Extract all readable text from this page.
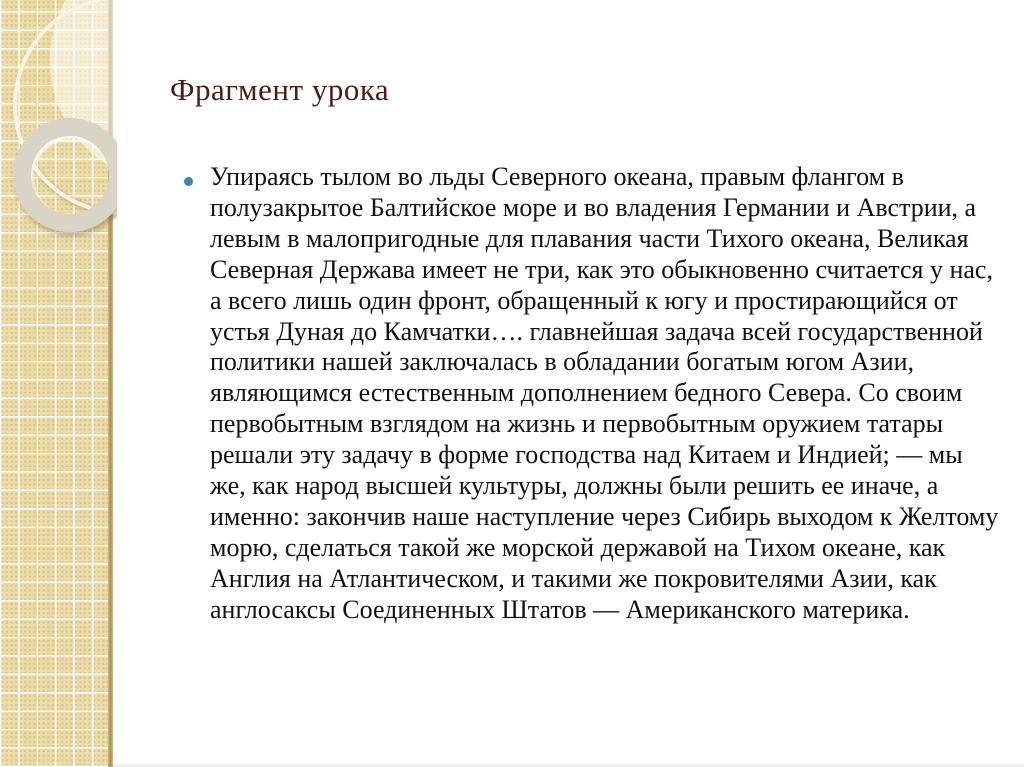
Фрагмент урока
Упираясь тылом во льды Северного океана, правым флангом в полузакрытое Балтийское море и во владения Германии и Австрии, а левым в малопригодные для плавания части Тихого океана, Великая Северная Держава имеет не три, как это обыкновенно считается у нас, а всего лишь один фронт, обращенный к югу и простирающийся от устья Дуная до Камчатки…. главнейшая задача всей государственной политики нашей заключалась в обладании богатым югом Азии, являющимся естественным дополнением бедного Севера. Со своим первобытным взглядом на жизнь и первобытным оружием татары решали эту задачу в форме господства над Китаем и Индией; — мы же, как народ высшей культуры, должны были решить ее иначе, а именно: закончив наше наступление через Сибирь выходом к Желтому морю, сделаться такой же морской державой на Тихом океане, как Англия на Атлантическом, и такими же покровителями Азии, как англосаксы Соединенных Штатов — Американского материка.
